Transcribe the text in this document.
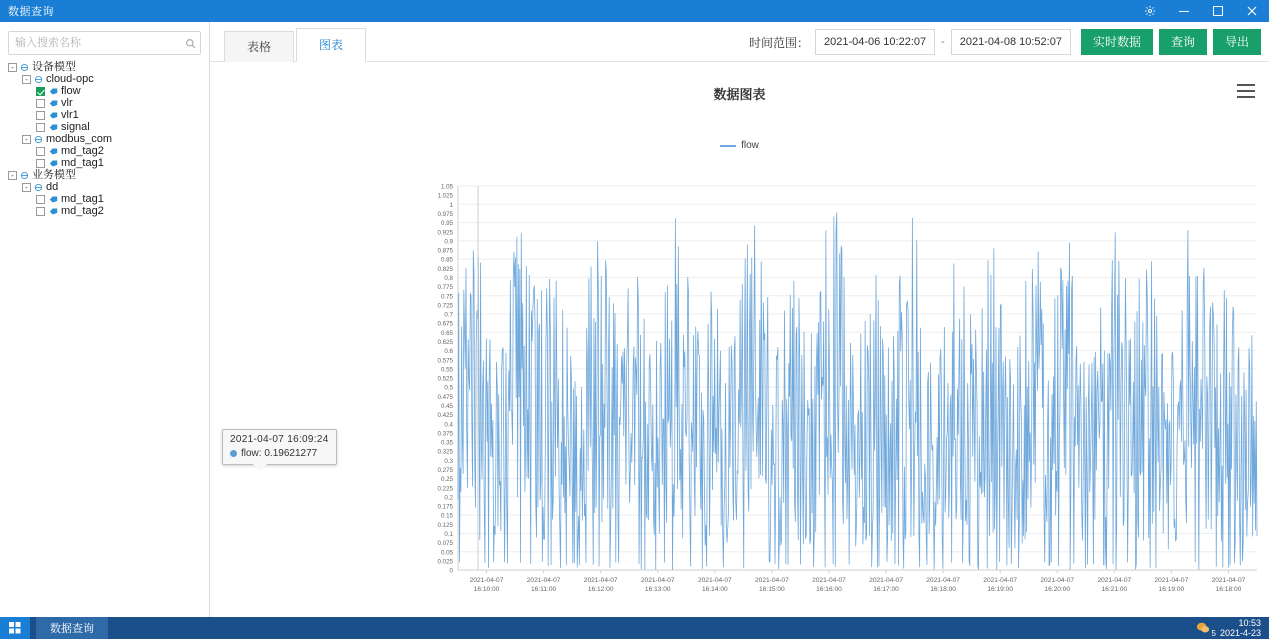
数据查询
输入搜索名称
- 设备模型
- cloud-opc
flow
vlr
vlr1
signal
- modbus_com
md_tag2
md_tag1
- 业务模型
- dd
md_tag1
md_tag2
表格	图表	时间范围：	2021-04-06 10:22:07	-	2021-04-08 10:52:07	实时数据	查询	导出
数据图表
flow
1.05
1.025
1
0.975
0.95
0.925
0.9
0.875
0.85
0.825
0.8
0.775
0.75
0.725
0.7
0.675
0.65
0.625
0.6
0.575
0.55
0.525
0.5
0.475
0.45
0.425
0.4
0.375
0.35
0.325
0.3
0.275
0.25
0.225
0.2
0.175
0.15
0.125
0.1
0.075
0.05
0.025
0
2021-04-07
16:10:00
2021-04-07
16:11:00
2021-04-07
16:12:00
2021-04-07
16:13:00
2021-04-07
16:14:00
2021-04-07
16:15:00
2021-04-07
16:16:00
2021-04-07
16:17:00
2021-04-07
16:18:00
2021-04-07
16:19:00
2021-04-07
16:20:00
2021-04-07
16:21:00
2021-04-07
16:19:00
2021-04-07
16:18:00
2021-04-07 16:09:24
flow : 0.19621277
数据查询	5
10:53
2021-4-23
